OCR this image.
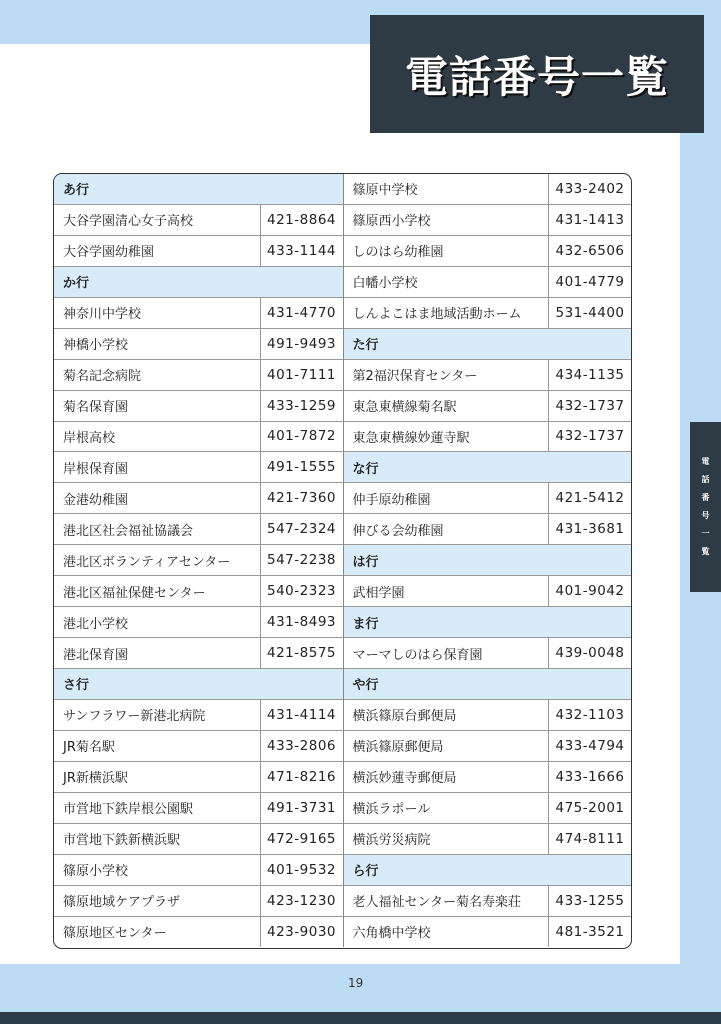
電話番号一覧
電
話
番
号
一
覧
あ行
大谷学園清心女子高校	421-8864
大谷学園幼稚園	433-1144
か行
神奈川中学校	431-4770
神橋小学校	491-9493
菊名記念病院	401-7111
菊名保育園	433-1259
岸根高校	401-7872
岸根保育園	491-1555
金港幼稚園	421-7360
港北区社会福祉協議会	547-2324
港北区ボランティアセンター	547-2238
港北区福祉保健センター	540-2323
港北小学校	431-8493
港北保育園	421-8575
さ行
サンフラワー新港北病院	431-4114
JR菊名駅	433-2806
JR新横浜駅	471-8216
市営地下鉄岸根公園駅	491-3731
市営地下鉄新横浜駅	472-9165
篠原小学校	401-9532
篠原地域ケアプラザ	423-1230
篠原地区センター	423-9030
篠原中学校	433-2402
篠原西小学校	431-1413
しのはら幼稚園	432-6506
白幡小学校	401-4779
しんよこはま地域活動ホーム	531-4400
た行
第2福沢保育センター	434-1135
東急東横線菊名駅	432-1737
東急東横線妙蓮寺駅	432-1737
な行
仲手原幼稚園	421-5412
伸びる会幼稚園	431-3681
は行
武相学園	401-9042
ま行
マーマしのはら保育園	439-0048
や行
横浜篠原台郵便局	432-1103
横浜篠原郵便局	433-4794
横浜妙蓮寺郵便局	433-1666
横浜ラポール	475-2001
横浜労災病院	474-8111
ら行
老人福祉センター菊名寿楽荘	433-1255
六角橋中学校	481-3521
19
